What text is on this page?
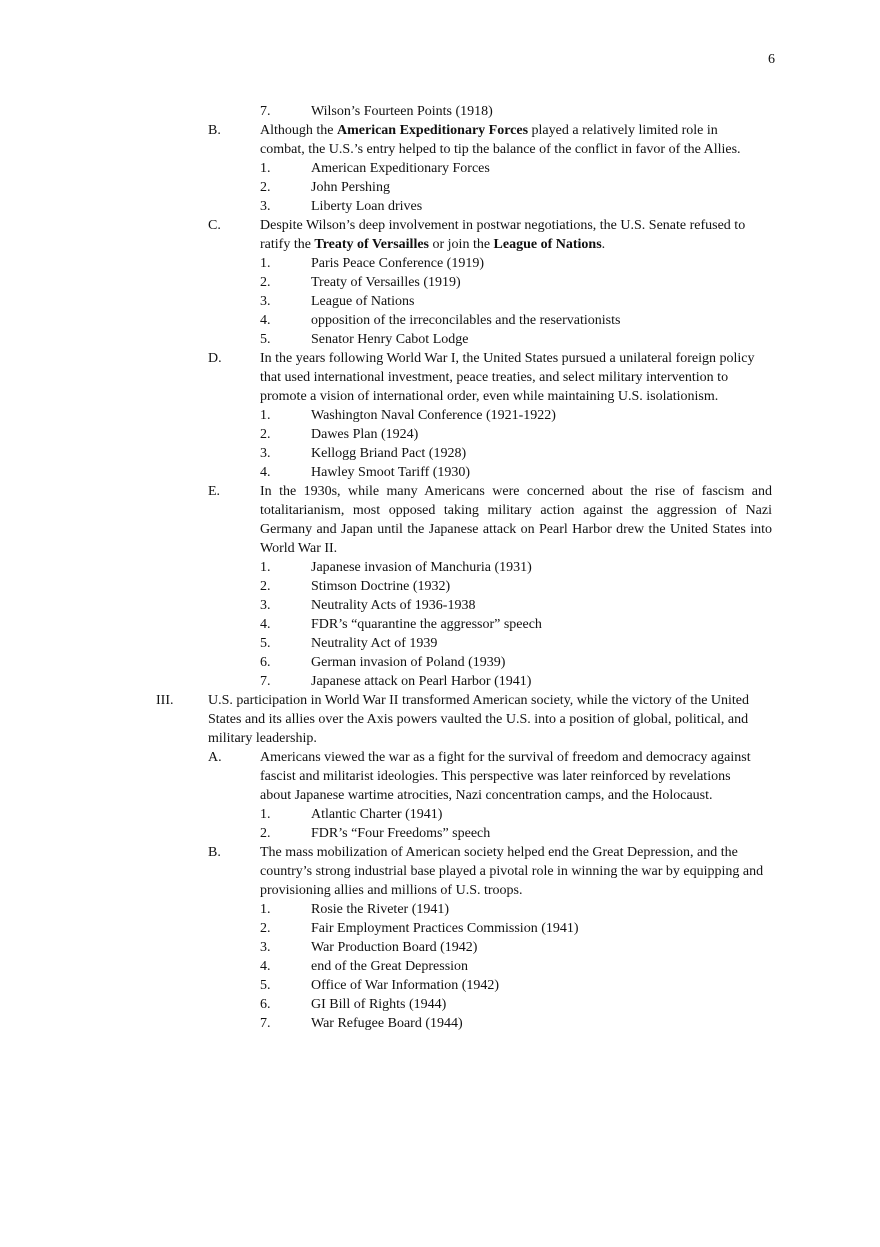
6
7.	Wilson’s Fourteen Points (1918)
B.	Although the American Expeditionary Forces played a relatively limited role in
combat, the U.S.’s entry helped to tip the balance of the conflict in favor of the Allies.
1.	American Expeditionary Forces
2.	John Pershing
3.	Liberty Loan drives
C.	Despite Wilson’s deep involvement in postwar negotiations, the U.S. Senate refused to
ratify the Treaty of Versailles or join the League of Nations.
1.	Paris Peace Conference (1919)
2.	Treaty of Versailles (1919)
3.	League of Nations
4.	opposition of the irreconcilables and the reservationists
5.	Senator Henry Cabot Lodge
D.	In the years following World War I, the United States pursued a unilateral foreign policy
that used international investment, peace treaties, and select military intervention to
promote a vision of international order, even while maintaining U.S. isolationism.
1.	Washington Naval Conference (1921-1922)
2.	Dawes Plan (1924)
3.	Kellogg Briand Pact (1928)
4.	Hawley Smoot Tariff (1930)
E.	In the 1930s, while many Americans were concerned about the rise of fascism and
totalitarianism, most opposed taking military action against the aggression of Nazi
Germany and Japan until the Japanese attack on Pearl Harbor drew the United States into
World War II.
1.	Japanese invasion of Manchuria (1931)
2.	Stimson Doctrine (1932)
3.	Neutrality Acts of 1936-1938
4.	FDR’s “quarantine the aggressor” speech
5.	Neutrality Act of 1939
6.	German invasion of Poland (1939)
7.	Japanese attack on Pearl Harbor (1941)
III. U.S. participation in World War II transformed American society, while the victory of the United
States and its allies over the Axis powers vaulted the U.S. into a position of global, political, and
military leadership.
A.	Americans viewed the war as a fight for the survival of freedom and democracy against
fascist and militarist ideologies. This perspective was later reinforced by revelations
about Japanese wartime atrocities, Nazi concentration camps, and the Holocaust.
1.	Atlantic Charter (1941)
2.	FDR’s “Four Freedoms” speech
B.	The mass mobilization of American society helped end the Great Depression, and the
country’s strong industrial base played a pivotal role in winning the war by equipping and
provisioning allies and millions of U.S. troops.
1.	Rosie the Riveter (1941)
2.	Fair Employment Practices Commission (1941)
3.	War Production Board (1942)
4.	end of the Great Depression
5.	Office of War Information (1942)
6.	GI Bill of Rights (1944)
7.	War Refugee Board (1944)
